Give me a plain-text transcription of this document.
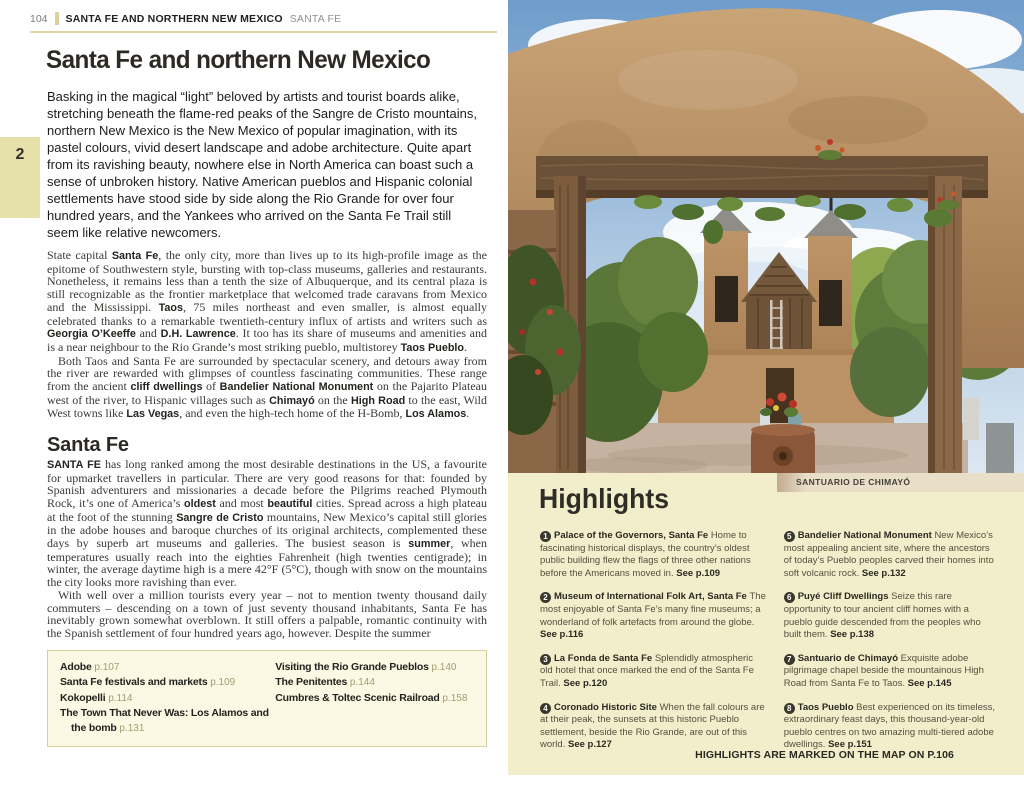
104 SANTA FE AND NORTHERN NEW MEXICO SANTA FE
2
Santa Fe and northern New Mexico

Basking in the magical “light” beloved by artists and tourist boards alike, stretching beneath the flame-red peaks of the Sangre de Cristo mountains, northern New Mexico is the New Mexico of popular imagination, with its pastel colours, vivid desert landscape and adobe architecture. Quite apart from its ravishing beauty, nowhere else in North America can boast such a sense of unbroken history. Native American pueblos and Hispanic colonial settlements have stood side by side along the Rio Grande for over four hundred years, and the Yankees who arrived on the Santa Fe Trail still seem like relative newcomers.

State capital Santa Fe, the only city, more than lives up to its high-profile image as the epitome of Southwestern style, bursting with top-class museums, galleries and restaurants. Nonetheless, it remains less than a tenth the size of Albuquerque, and its central plaza is still recognizable as the frontier marketplace that welcomed trade caravans from Mexico and the Mississippi. Taos, 75 miles northeast and even smaller, is almost equally celebrated thanks to a remarkable twentieth-century influx of artists and writers such as Georgia O’Keeffe and D.H. Lawrence. It too has its share of museums and amenities and is a near neighbour to the Rio Grande’s most striking pueblo, multistorey Taos Pueblo.

Both Taos and Santa Fe are surrounded by spectacular scenery, and detours away from the river are rewarded with glimpses of countless fascinating communities. These range from the ancient cliff dwellings of Bandelier National Monument on the Pajarito Plateau west of the river, to Hispanic villages such as Chimayó on the High Road to the east, Wild West towns like Las Vegas, and even the high-tech home of the H-Bomb, Los Alamos.

Santa Fe

SANTA FE has long ranked among the most desirable destinations in the US, a favourite for upmarket travellers in particular. There are very good reasons for that: founded by Spanish adventurers and missionaries a decade before the Pilgrims reached Plymouth Rock, it’s one of America’s oldest and most beautiful cities. Spread across a high plateau at the foot of the stunning Sangre de Cristo mountains, New Mexico’s capital still glories in the adobe houses and baroque churches of its original architects, complemented these days by superb art museums and galleries. The busiest season is summer, when temperatures usually reach into the eighties Fahrenheit (high twenties centigrade); in winter, the average daytime high is a mere 42°F (5°C), though with snow on the mountains the city looks more ravishing than ever.

With well over a million tourists every year – not to mention twenty thousand daily commuters – descending on a town of just seventy thousand inhabitants, Santa Fe has inevitably grown somewhat overblown. It still offers a palpable, romantic continuity with the Spanish settlement of four hundred years ago, however. Despite the summer

Adobe p.107
Santa Fe festivals and markets p.109
Kokopelli p.114
The Town That Never Was: Los Alamos and the bomb p.131
Visiting the Rio Grande Pueblos p.140
The Penitentes p.144
Cumbres & Toltec Scenic Railroad p.158
SANTUARIO DE CHIMAYÓ
Highlights

1 Palace of the Governors, Santa Fe Home to fascinating historical displays, the country’s oldest public building flew the flags of three other nations before the Americans moved in. See p.109

2 Museum of International Folk Art, Santa Fe The most enjoyable of Santa Fe’s many fine museums; a wonderland of folk artefacts from around the globe.See p.116

3 La Fonda de Santa Fe Splendidly atmospheric old hotel that once marked the end of the Santa Fe Trail. See p.120

4 Coronado Historic Site When the fall colours are at their peak, the sunsets at this historic Pueblo settlement, beside the Rio Grande, are out of this world. See p.127

5 Bandelier National Monument New Mexico’s most appealing ancient site, where the ancestors of today’s Pueblo peoples carved their homes into soft volcanic rock. See p.132

6 Puyé Cliff Dwellings Seize this rare opportunity to tour ancient cliff homes with a pueblo guide descended from the peoples who built them. See p.138

7 Santuario de Chimayó Exquisite adobe pilgrimage chapel beside the mountainous High Road from Santa Fe to Taos. See p.145

8 Taos Pueblo Best experienced on its timeless, extraordinary feast days, this thousand-year-old pueblo centres on two amazing multi-tiered adobe dwellings. See p.151

HIGHLIGHTS ARE MARKED ON THE MAP ON P.106
